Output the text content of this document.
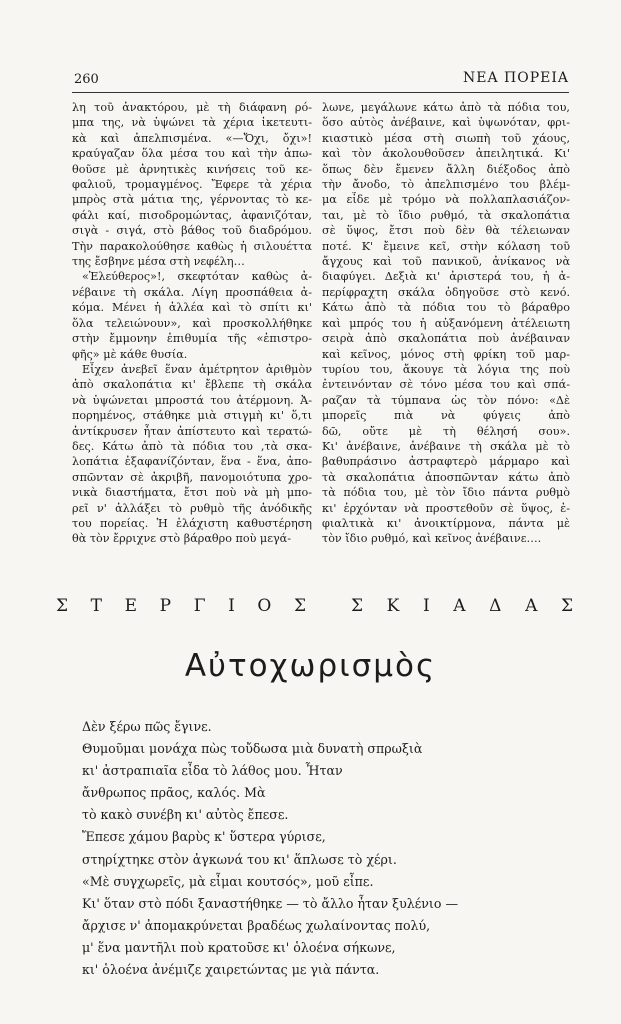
260	ΝΕΑ ΠΟΡΕΙΑ
λη τοῦ ἀνακτόρου, μὲ τὴ διάφανη ρό-
μπα της, νὰ ὑψώνει τὰ χέρια ἱκετευτι-
κὰ καὶ ἀπελπισμένα. «—Ὄχι, ὄχι»!
κραύγαζαν ὅλα μέσα του καὶ τὴν ἀπω-
θοῦσε μὲ ἀρνητικὲς κινήσεις τοῦ κε-
φαλιοῦ, τρομαγμένος. Ἔφερε τὰ χέρια
μπρὸς στὰ μάτια της, γέρνοντας τὸ κε-
φάλι καί, πισοδρομώντας, ἀφανιζόταν,
σιγὰ - σιγά, στὸ βάθος τοῦ διαδρόμου.
Τὴν παρακολούθησε καθὼς ἡ σιλουέττα
της ἔσβηνε μέσα στὴ νεφέλη…
«Ἐλεύθερος»!, σκεφτόταν καθὼς ἀ-
νέβαινε τὴ σκάλα. Λίγη προσπάθεια ἀ-
κόμα. Μένει ἡ ἀλλέα καὶ τὸ σπίτι κι'
ὅλα τελειώνουν», καὶ προσκολλήθηκε
στὴν ἔμμονην ἐπιθυμία τῆς «ἐπιστρο-
φῆς» μὲ κάθε θυσία.
Εἶχεν ἀνεβεῖ ἕναν ἀμέτρητον ἀριθμὸν
ἀπὸ σκαλοπάτια κι' ἔβλεπε τὴ σκάλα
νὰ ὑψώνεται μπροστά του ἀτέρμονη. Ἀ-
πορημένος, στάθηκε μιὰ στιγμὴ κι' ὅ,τι
ἀντίκρυσεν ἦταν ἀπίστευτο καὶ τερατώ-
δες. Κάτω ἀπὸ τὰ πόδια του ,τὰ σκα-
λοπάτια ἐξαφανίζόνταν, ἕνα - ἕνα, ἀπο-
σπῶνταν σὲ ἀκριβῆ, πανομοιότυπα χρο-
νικὰ διαστήματα, ἔτσι ποὺ νὰ μὴ μπο-
ρεῖ ν' ἀλλάξει τὸ ρυθμὸ τῆς ἀνόδικῆς
του πορείας. Ἡ ἐλάχιστη καθυστέρηση
θὰ τὸν ἔρριχνε στὸ βάραθρο ποὺ μεγά-
λωνε, μεγάλωνε κάτω ἀπὸ τὰ πόδια του,
ὅσο αὐτὸς ἀνέβαινε, καὶ ὑψωνόταν, φρι-
κιαστικὸ μέσα στὴ σιωπὴ τοῦ χάους,
καὶ τὸν ἀκολουθοῦσεν ἀπειλητικά. Κι'
ὅπως δὲν ἔμενεν ἄλλη διέξοδος ἀπὸ
τὴν ἄνοδο, τὸ ἀπελπισμένο του βλέμ-
μα εἶδε μὲ τρόμο νὰ πολλαπλασιάζον-
ται, μὲ τὸ ἴδιο ρυθμό, τὰ σκαλοπάτια
σὲ ὕψος, ἔτσι ποὺ δὲν θὰ τέλειωναν
ποτέ. Κ' ἔμεινε κεῖ, στὴν κόλαση τοῦ
ἄγχους καὶ τοῦ πανικοῦ, ἀνίκανος νὰ
διαφύγει. Δεξιὰ κι' ἀριστερά του, ἡ ἀ-
περίφραχτη σκάλα ὁδηγοῦσε στὸ κενό.
Κάτω ἀπὸ τὰ πόδια του τὸ βάραθρο
καὶ μπρός του ἡ αὐξανόμενη ἀτέλειωτη
σειρὰ ἀπὸ σκαλοπάτια ποὺ ἀνέβαιναν
καὶ κεῖνος, μόνος στὴ φρίκη τοῦ μαρ-
τυρίου του, ἄκουγε τὰ λόγια της ποὺ
ἐντεινόνταν σὲ τόνο μέσα του καὶ σπά-
ραζαν τὰ τύμπανα ὡς τὸν πόνο: «Δὲ
μπορεῖς πιὰ νὰ φύγεις ἀπὸ
δῶ, οὔτε μὲ τὴ θέλησή σου».
Κι' ἀνέβαινε, ἀνέβαινε τὴ σκάλα μὲ τὸ
βαθυπράσινο ἀστραφτερὸ μάρμαρο καὶ
τὰ σκαλοπάτια ἀποσπῶνταν κάτω ἀπὸ
τὰ πόδια του, μὲ τὸν ἴδιο πάντα ρυθμὸ
κι' ἐρχόνταν νὰ προστεθοῦν σὲ ὕψος, ἐ-
φιαλτικὰ κι' ἀνοικτίρμονα, πάντα μὲ
τὸν ἴδιο ρυθμό, καὶ κεῖνος ἀνέβαινε….
Σ Τ Ε Ρ Γ Ι Ο Σ	Σ Κ Ι Α Δ Α Σ
Αὐτοχωρισμὸς
Δὲν ξέρω πῶς ἔγινε.
Θυμοῦμαι μονάχα πὼς τοὔδωσα μιὰ δυνατὴ σπρωξιὰ
κι' ἀστραπιαῖα εἶδα τὸ λάθος μου. Ἦταν
ἄνθρωπος πρᾶος, καλός. Μὰ
τὸ κακὸ συνέβη κι' αὐτὸς ἔπεσε.
Ἔπεσε χάμου βαρὺς κ' ὕστερα γύρισε,
στηρίχτηκε στὸν ἀγκωνά του κι' ἅπλωσε τὸ χέρι.
«Μὲ συγχωρεῖς, μὰ εἶμαι κουτσός», μοῦ εἶπε.
Κι' ὅταν στὸ πόδι ξαναστήθηκε — τὸ ἄλλο ἦταν ξυλένιο —
ἄρχισε ν' ἀπομακρύνεται βραδέως χωλαίνοντας πολύ,
μ' ἕνα μαντῆλι ποὺ κρατοῦσε κι' ὁλοένα σήκωνε,
κι' ὁλοένα ἀνέμιζε χαιρετώντας με γιὰ πάντα.
